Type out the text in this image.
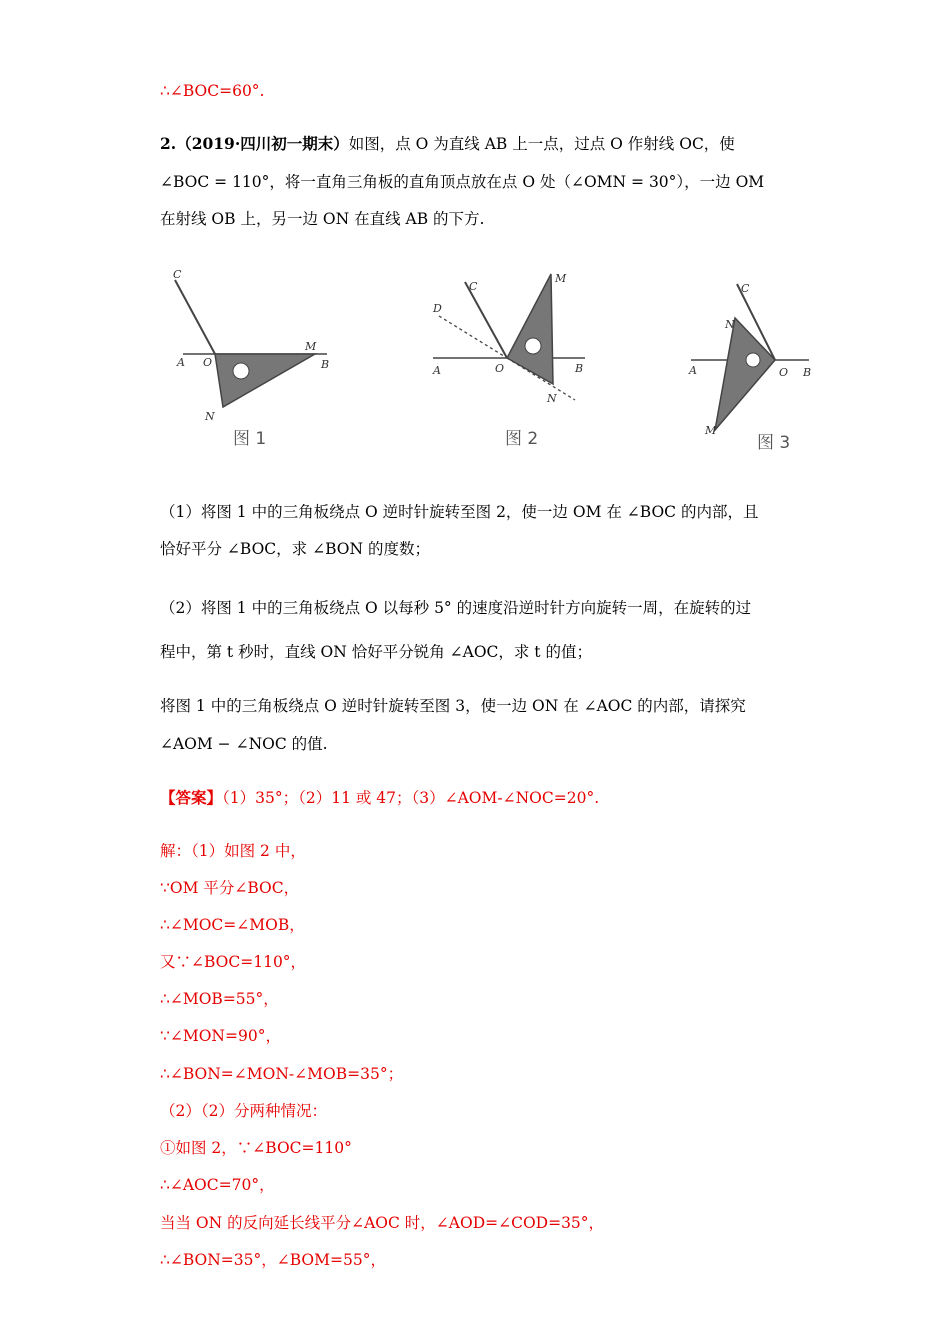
∴∠BOC=60°.
2.（2019·四川初一期末）如图，点 O 为直线 AB 上一点，过点 O 作射线 OC，使
∠BOC = 110°，将一直角三角板的直角顶点放在点 O 处（∠OMN = 30°），一边 OM
在射线 OB 上，另一边 ON 在直线 AB 的下方.
C
A O
M
B
N
图 1
C
D
M
A	O	B
N
图 2
C
N
A	O B
M
图 3
（1）将图 1 中的三角板绕点 O 逆时针旋转至图 2，使一边 OM 在 ∠BOC 的内部，且
恰好平分 ∠BOC，求 ∠BON 的度数；
（2）将图 1 中的三角板绕点 O 以每秒 5° 的速度沿逆时针方向旋转一周，在旋转的过
程中，第 t 秒时，直线 ON 恰好平分锐角 ∠AOC，求 t 的值；
将图 1 中的三角板绕点 O 逆时针旋转至图 3，使一边 ON 在 ∠AOC 的内部，请探究
∠AOM − ∠NOC 的值.
【答案】（1）35°；（2）11 或 47；（3）∠AOM-∠NOC=20°.
解：（1）如图 2 中，
∵OM 平分∠BOC，
∴∠MOC=∠MOB，
又∵∠BOC=110°，
∴∠MOB=55°，
∵∠MON=90°，
∴∠BON=∠MON-∠MOB=35°；
（2）（2）分两种情况：
①如图 2，∵∠BOC=110°
∴∠AOC=70°，
当当 ON 的反向延长线平分∠AOC 时，∠AOD=∠COD=35°，
∴∠BON=35°，∠BOM=55°，
